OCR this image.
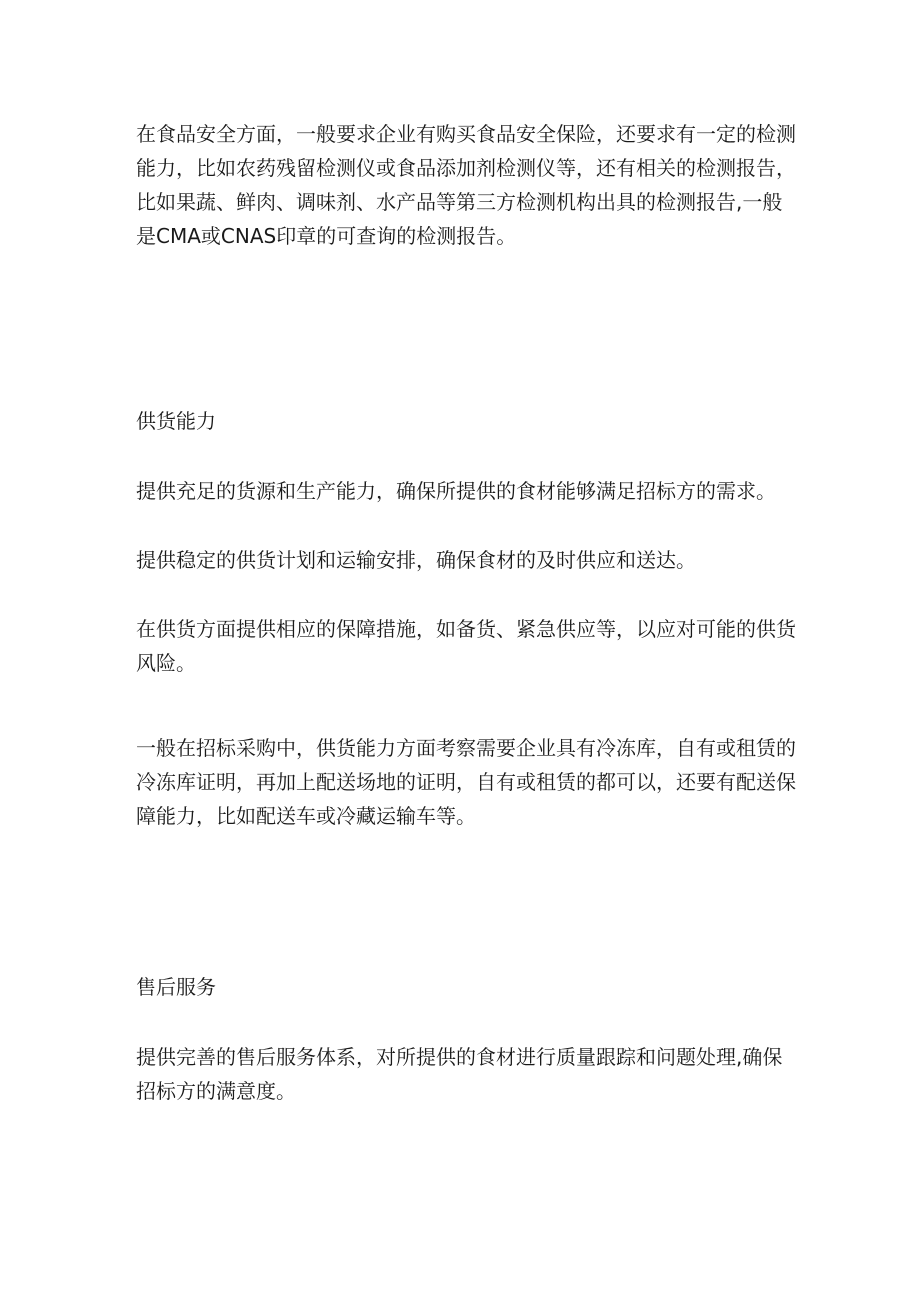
在食品安全方面，一般要求企业有购买食品安全保险，还要求有一定的检测
能力，比如农药残留检测仪或食品添加剂检测仪等，还有相关的检测报告，
比如果蔬、鲜肉、调味剂、水产品等第三方检测机构出具的检测报告,一般
是CMA或CNAS印章的可查询的检测报告。

供货能力

提供充足的货源和生产能力，确保所提供的食材能够满足招标方的需求。

提供稳定的供货计划和运输安排，确保食材的及时供应和送达。

在供货方面提供相应的保障措施，如备货、紧急供应等，以应对可能的供货
风险。

一般在招标采购中，供货能力方面考察需要企业具有冷冻库，自有或租赁的
冷冻库证明，再加上配送场地的证明，自有或租赁的都可以，还要有配送保
障能力，比如配送车或冷藏运输车等。

售后服务

提供完善的售后服务体系，对所提供的食材进行质量跟踪和问题处理,确保
招标方的满意度。
